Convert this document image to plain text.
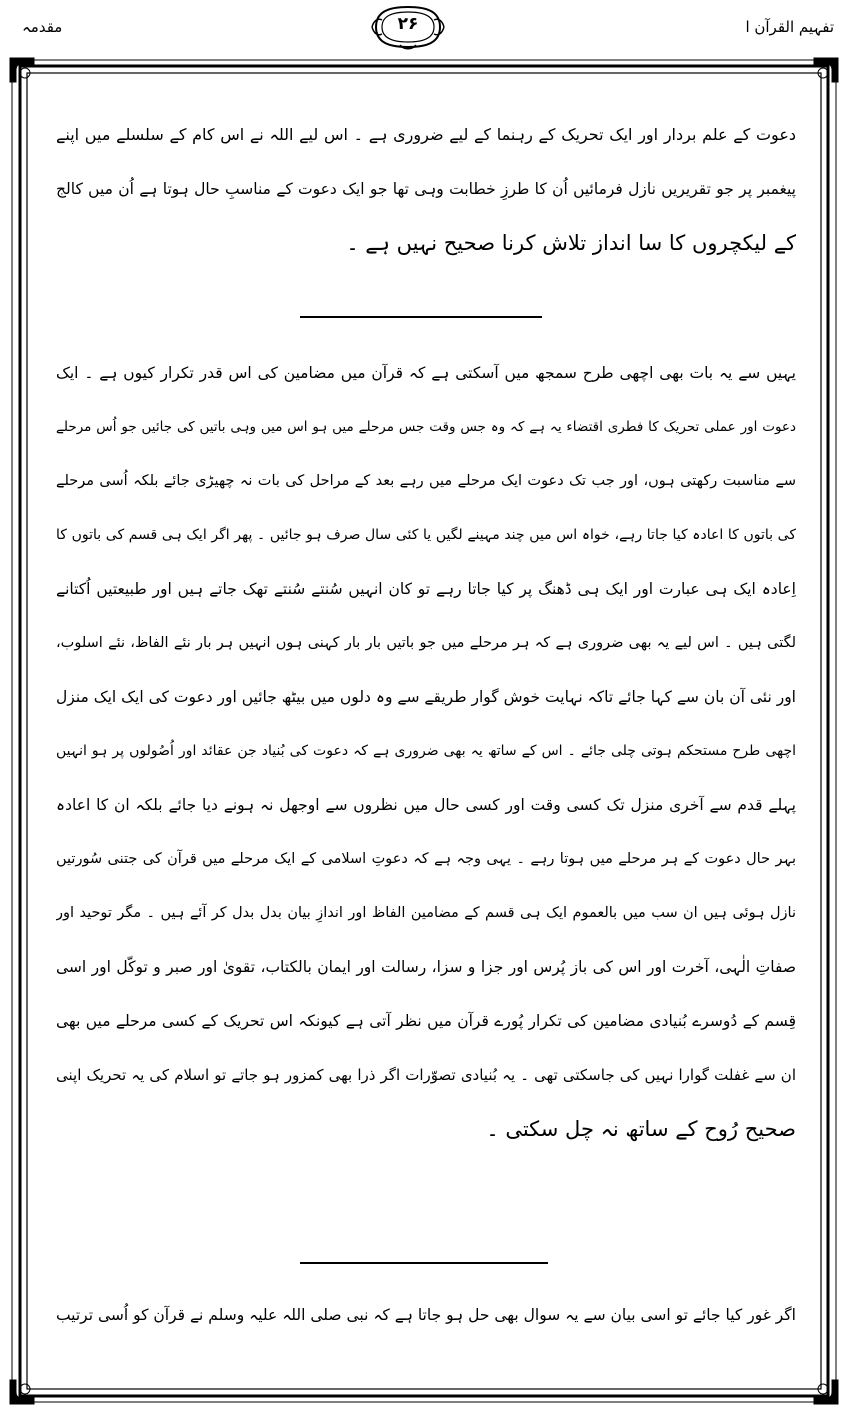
تفہیم القرآن ا
مقدمہ	۲۶
دعوت کے علم بردار اور ایک تحریک کے رہنما کے لیے ضروری ہے ۔ اس لیے اللہ نے اس کام کے سلسلے میں اپنے
پیغمبر پر جو تقریریں نازل فرمائیں اُن کا طرزِ خطابت وہی تھا جو ایک دعوت کے مناسبِ حال ہوتا ہے اُن میں کالج
کے لیکچروں کا سا انداز تلاش کرنا صحیح نہیں ہے ۔
یہیں سے یہ بات بھی اچھی طرح سمجھ میں آسکتی ہے کہ قرآن میں مضامین کی اس قدر تکرار کیوں ہے ۔ ایک
دعوت اور عملی تحریک کا فطری اقتضاء یہ ہے کہ وہ جس وقت جس مرحلے میں ہو اس میں وہی باتیں کی جائیں جو اُس مرحلے
سے مناسبت رکھتی ہوں، اور جب تک دعوت ایک مرحلے میں رہے بعد کے مراحل کی بات نہ چھیڑی جائے بلکہ اُسی مرحلے
کی باتوں کا اعادہ کیا جاتا رہے، خواہ اس میں چند مہینے لگیں یا کئی سال صرف ہو جائیں ۔ پھر اگر ایک ہی قسم کی باتوں کا
اِعادہ ایک ہی عبارت اور ایک ہی ڈھنگ پر کیا جاتا رہے تو کان انہیں سُنتے سُنتے تھک جاتے ہیں اور طبیعتیں اُکتانے
لگتی ہیں ۔ اس لیے یہ بھی ضروری ہے کہ ہر مرحلے میں جو باتیں بار بار کہنی ہوں انہیں ہر بار نئے الفاظ، نئے اسلوب،
اور نئی آن بان سے کہا جائے تاکہ نہایت خوش گوار طریقے سے وہ دلوں میں بیٹھ جائیں اور دعوت کی ایک ایک منزل
اچھی طرح مستحکم ہوتی چلی جائے ۔ اس کے ساتھ یہ بھی ضروری ہے کہ دعوت کی بُنیاد جن عقائد اور اُصُولوں پر ہو انہیں
پہلے قدم سے آخری منزل تک کسی وقت اور کسی حال میں نظروں سے اوجھل نہ ہونے دیا جائے بلکہ ان کا اعادہ
بہر حال دعوت کے ہر مرحلے میں ہوتا رہے ۔ یہی وجہ ہے کہ دعوتِ اسلامی کے ایک مرحلے میں قرآن کی جتنی سُورتیں
نازل ہوئی ہیں ان سب میں بالعموم ایک ہی قسم کے مضامین الفاظ اور اندازِ بیان بدل بدل کر آئے ہیں ۔ مگر توحید اور
صفاتِ الٰہی، آخرت اور اس کی باز پُرس اور جزا و سزا، رسالت اور ایمان بالکتاب، تقویٰ اور صبر و توکّل اور اسی
قِسم کے دُوسرے بُنیادی مضامین کی تکرار پُورے قرآن میں نظر آتی ہے کیونکہ اس تحریک کے کسی مرحلے میں بھی
ان سے غفلت گوارا نہیں کی جاسکتی تھی ۔ یہ بُنیادی تصوّرات اگر ذرا بھی کمزور ہو جاتے تو اسلام کی یہ تحریک اپنی
صحیح رُوح کے ساتھ نہ چل سکتی ۔
اگر غور کیا جائے تو اسی بیان سے یہ سوال بھی حل ہو جاتا ہے کہ نبی صلی اللہ علیہ وسلم نے قرآن کو اُسی ترتیب
